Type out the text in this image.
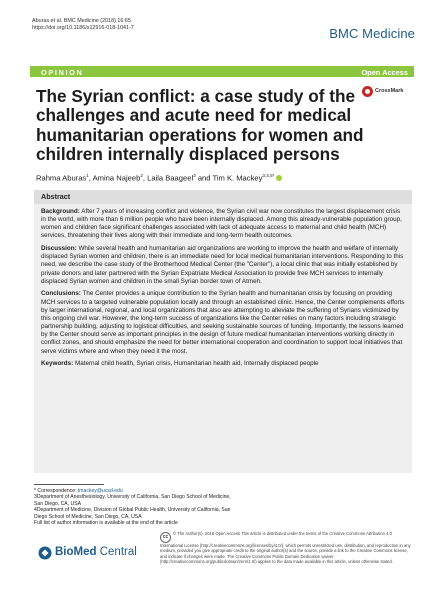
Aburas et al. BMC Medicine (2018) 16:65
https://doi.org/10.1186/s12916-018-1041-7	BMC Medicine
OPINION	Open Access
CrossMark
The Syrian conflict: a case study of the challenges and acute need for medical humanitarian operations for women and children internally displaced persons
Rahma Aburas$^1$, Amina Najeeb$^2$, Laila Baageel$^3$ and Tim K. Mackey$^{3,4,5*}$
Abstract

Background: After 7 years of increasing conflict and violence, the Syrian civil war now constitutes the largest displacement crisis in the world, with more than 6 million people who have been internally displaced. Among this already-vulnerable population group, women and children face significant challenges associated with lack of adequate access to maternal and child health (MCH) services, threatening their lives along with their immediate and long-term health outcomes.

Discussion: While several health and humanitarian aid organizations are working to improve the health and welfare of internally displaced Syrian women and children, there is an immediate need for local medical humanitarian interventions. Responding to this need, we describe the case study of the Brotherhood Medical Center (the "Center"), a local clinic that was initially established by private donors and later partnered with the Syrian Expatriate Medical Association to provide free MCH services to internally displaced Syrian women and children in the small Syrian border town of Atmeh.

Conclusions: The Center provides a unique contribution to the Syrian health and humanitarian crisis by focusing on providing MCH services to a targeted vulnerable population locally and through an established clinic. Hence, the Center complements efforts by larger international, regional, and local organizations that also are attempting to alleviate the suffering of Syrians victimized by this ongoing civil war. However, the long-term success of organizations like the Center relies on many factors including strategic partnership building, adjusting to logistical difficulties, and seeking sustainable sources of funding. Importantly, the lessons learned by the Center should serve as important principles in the design of future medical humanitarian interventions working directly in conflict zones, and should emphasize the need for better international cooperation and coordination to support local initiatives that serve victims where and when they need it the most.

Keywords: Maternal child health, Syrian crisis, Humanitarian health aid, Internally displaced people

* Correspondence: tmackey@ucsd.edu

3Department of Anesthesiology, University of California, San Diego School of Medicine, San Diego, CA, USA

4Department of Medicine, Division of Global Public Health, University of California, San Diego School of Medicine, San Diego, CA, USA

Full list of author information is available at the end of the article

BioMed Central
cc© The Author(s). 2018 Open Access This article is distributed under the terms of the Creative Commons Attribution 4.0 International License (http://creativecommons.org/licenses/by/4.0/), which permits unrestricted use, distribution, and reproduction in any medium, provided you give appropriate credit to the original author(s) and the source, provide a link to the Creative Commons license, and indicate if changes were made. The Creative Commons Public Domain Dedication waiver (http://creativecommons.org/publicdomain/zero/1.0/) applies to the data made available in this article, unless otherwise stated.
